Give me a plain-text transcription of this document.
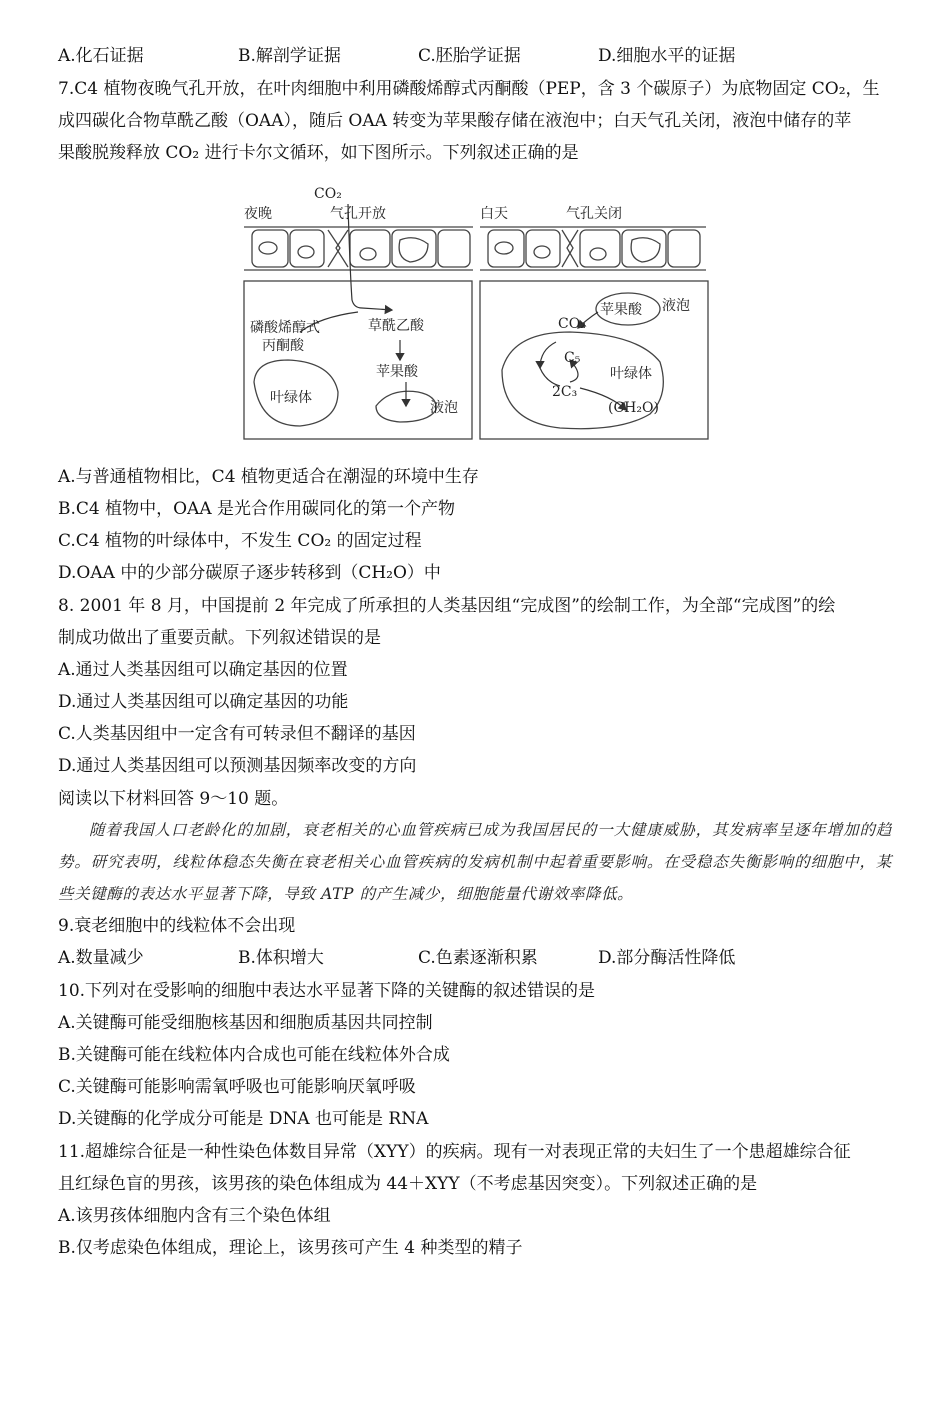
A.化石证据	B.解剖学证据	C.胚胎学证据	D.细胞水平的证据
7.C4 植物夜晚气孔开放，在叶肉细胞中利用磷酸烯醇式丙酮酸（PEP，含 3 个碳原子）为底物固定 CO₂，生
成四碳化合物草酰乙酸（OAA），随后 OAA 转变为苹果酸存储在液泡中；白天气孔关闭，液泡中储存的苹
果酸脱羧释放 CO₂ 进行卡尔文循环，如下图所示。下列叙述正确的是
CO₂
夜晚	气孔开放	白天	气孔关闭
磷酸烯醇式
丙酮酸
草酰乙酸
苹果酸
叶绿体
液泡
苹果酸 液泡
CO₂
C₅
2C₃
叶绿体
(CH₂O)
A.与普通植物相比，C4 植物更适合在潮湿的环境中生存
B.C4 植物中，OAA 是光合作用碳同化的第一个产物
C.C4 植物的叶绿体中，不发生 CO₂ 的固定过程
D.OAA 中的少部分碳原子逐步转移到（CH₂O）中
8. 2001 年 8 月，中国提前 2 年完成了所承担的人类基因组“完成图”的绘制工作，为全部“完成图”的绘
制成功做出了重要贡献。下列叙述错误的是
A.通过人类基因组可以确定基因的位置
D.通过人类基因组可以确定基因的功能
C.人类基因组中一定含有可转录但不翻译的基因
D.通过人类基因组可以预测基因频率改变的方向
阅读以下材料回答 9～10 题。
随着我国人口老龄化的加剧，衰老相关的心血管疾病已成为我国居民的一大健康威胁，其发病率呈逐年增加的趋势。研究表明，线粒体稳态失衡在衰老相关心血管疾病的发病机制中起着重要影响。在受稳态失衡影响的细胞中，某些关键酶的表达水平显著下降，导致 ATP 的产生减少，细胞能量代谢效率降低。
9.衰老细胞中的线粒体不会出现
A.数量减少	B.体积增大	C.色素逐渐积累	D.部分酶活性降低
10.下列对在受影响的细胞中表达水平显著下降的关键酶的叙述错误的是
A.关键酶可能受细胞核基因和细胞质基因共同控制
B.关键酶可能在线粒体内合成也可能在线粒体外合成
C.关键酶可能影响需氧呼吸也可能影响厌氧呼吸
D.关键酶的化学成分可能是 DNA 也可能是 RNA
11.超雄综合征是一种性染色体数目异常（XYY）的疾病。现有一对表现正常的夫妇生了一个患超雄综合征
且红绿色盲的男孩，该男孩的染色体组成为 44＋XYY（不考虑基因突变）。下列叙述正确的是
A.该男孩体细胞内含有三个染色体组
B.仅考虑染色体组成，理论上，该男孩可产生 4 种类型的精子
